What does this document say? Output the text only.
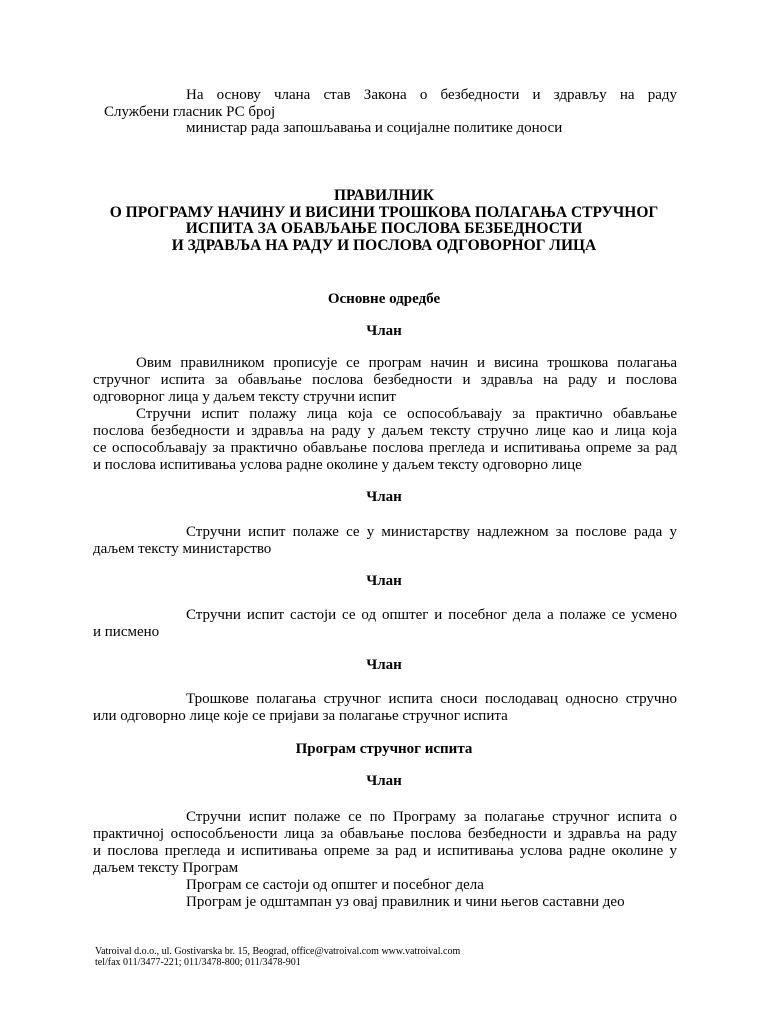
На основу члана став Закона о безбедности и здрављу на раду
Службени гласник РС број
министар рада запошљавања и социјалне политике доноси
ПРАВИЛНИК
О ПРОГРАМУ НАЧИНУ И ВИСИНИ ТРОШКОВА ПОЛАГАЊА СТРУЧНОГ
ИСПИТА ЗА ОБАВЉАЊЕ ПОСЛОВА БЕЗБЕДНОСТИ
И ЗДРАВЉА НА РАДУ И ПОСЛОВА ОДГОВОРНОГ ЛИЦА
Основне одредбе
Члан
Овим правилником прописује се програм начин и висина трошкова полагања
стручног испита за обављање послова безбедности и здравља на раду и послова
одговорног лица у даљем тексту стручни испит
Стручни испит полажу лица која се оспособљавају за практично обављање
послова безбедности и здравља на раду у даљем тексту стручно лице као и лица која
се оспособљавају за практично обављање послова прегледа и испитивања опреме за рад
и послова испитивања услова радне околине у даљем тексту одговорно лице
Члан
Стручни испит полаже се у министарству надлежном за послове рада у
даљем тексту министарство
Члан
Стручни испит састоји се од општег и посебног дела а полаже се усмено
и писмено
Члан
Трошкове полагања стручног испита сноси послодавац односно стручно
или одговорно лице које се пријави за полагање стручног испита
Програм стручног испита
Члан
Стручни испит полаже се по Програму за полагање стручног испита о
практичној оспособљености лица за обављање послова безбедности и здравља на раду
и послова прегледа и испитивања опреме за рад и испитивања услова радне околине у
даљем тексту Програм
Програм се састоји од општег и посебног дела
Програм је одштампан уз овај правилник и чини његов саставни део
Vatroival d.o.o., ul. Gostivarska br. 15, Beograd, office@vatroival.com www.vatroival.com
tel/fax 011/3477-221; 011/3478-800; 011/3478-901
